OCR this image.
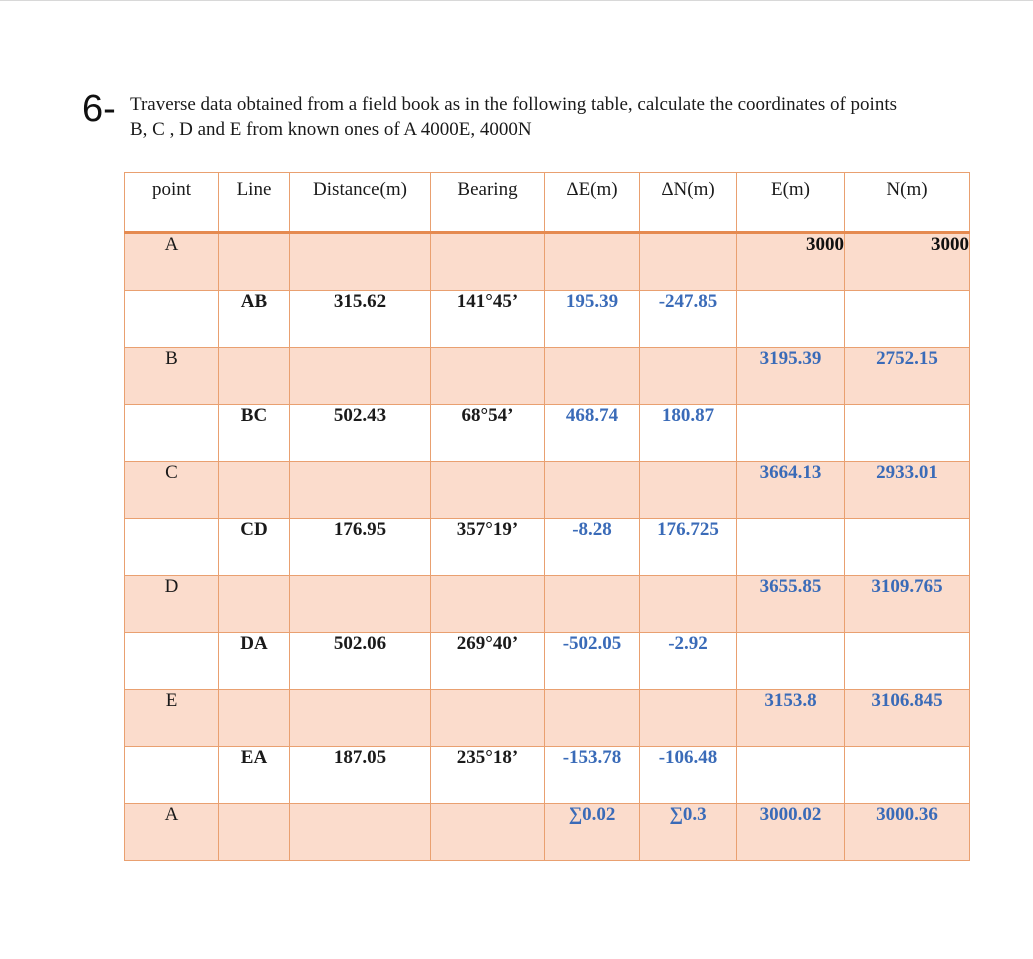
6- Traverse data obtained from a field book as in the following table, calculate the coordinates of points
B, C , D and E from known ones of A 4000E, 4000N
point	Line	Distance(m)	Bearing	ΔE(m)	ΔN(m)	E(m)	N(m)
A						3000	3000
	AB	315.62	141°45’	195.39	-247.85		
B						3195.39	2752.15
	BC	502.43	68°54’	468.74	180.87		
C						3664.13	2933.01
	CD	176.95	357°19’	-8.28	176.725		
D						3655.85	3109.765
	DA	502.06	269°40’	-502.05	-2.92		
E						3153.8	3106.845
	EA	187.05	235°18’	-153.78	-106.48		
A				∑0.02	∑0.3	3000.02	3000.36
